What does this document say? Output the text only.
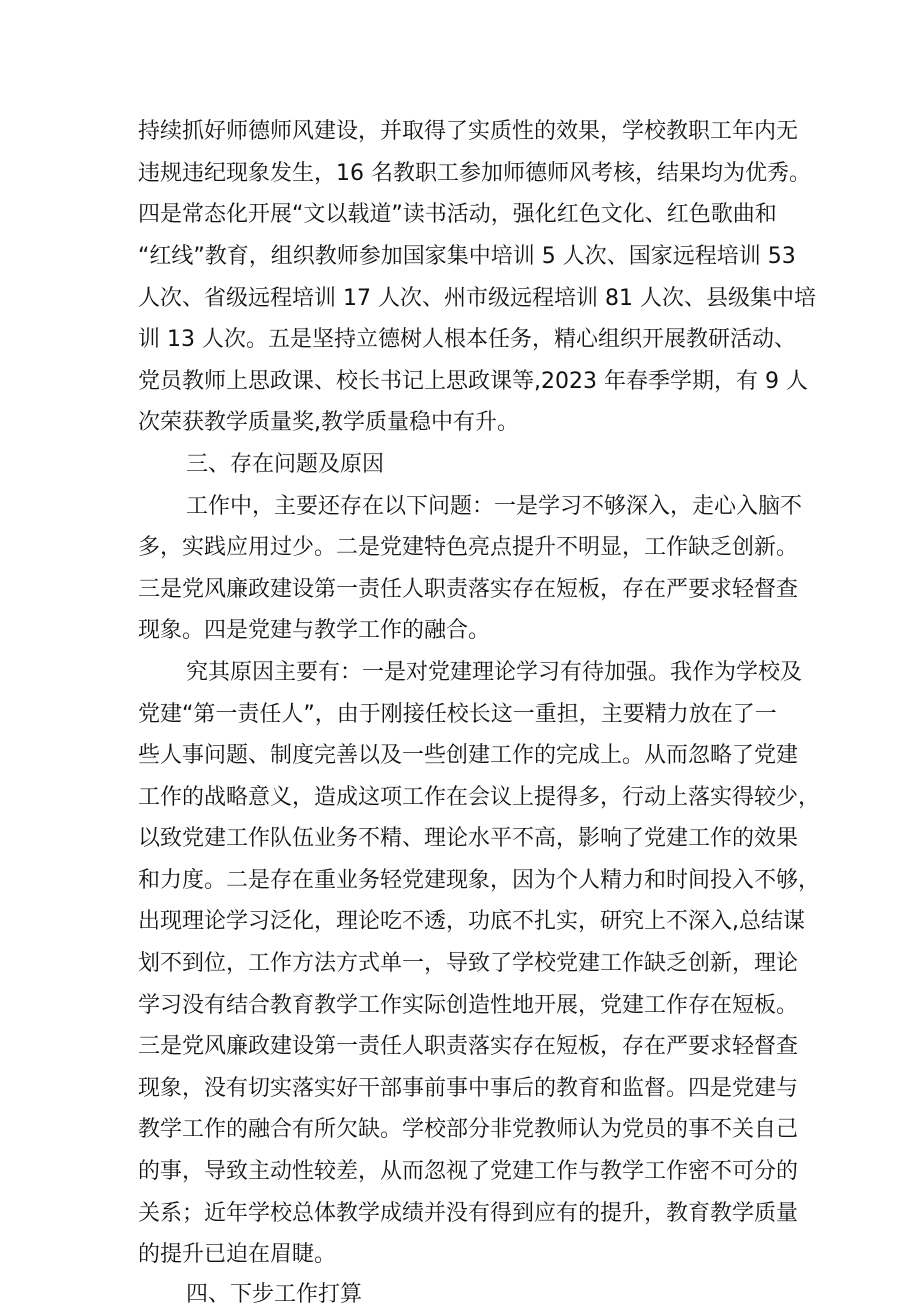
持续抓好师德师风建设，并取得了实质性的效果，学校教职工年内无
违规违纪现象发生，16 名教职工参加师德师风考核，结果均为优秀。
四是常态化开展“文以载道”读书活动，强化红色文化、红色歌曲和
“红线”教育，组织教师参加国家集中培训 5 人次、国家远程培训 53
人次、省级远程培训 17 人次、州市级远程培训 81 人次、县级集中培
训 13 人次。五是坚持立德树人根本任务，精心组织开展教研活动、
党员教师上思政课、校长书记上思政课等,2023 年春季学期，有 9 人
次荣获教学质量奖,教学质量稳中有升。
三、存在问题及原因
工作中，主要还存在以下问题：一是学习不够深入，走心入脑不
多，实践应用过少。二是党建特色亮点提升不明显，工作缺乏创新。
三是党风廉政建设第一责任人职责落实存在短板，存在严要求轻督查
现象。四是党建与教学工作的融合。
究其原因主要有：一是对党建理论学习有待加强。我作为学校及
党建“第一责任人”，由于刚接任校长这一重担，主要精力放在了一
些人事问题、制度完善以及一些创建工作的完成上。从而忽略了党建
工作的战略意义，造成这项工作在会议上提得多，行动上落实得较少，
以致党建工作队伍业务不精、理论水平不高，影响了党建工作的效果
和力度。二是存在重业务轻党建现象，因为个人精力和时间投入不够，
出现理论学习泛化，理论吃不透，功底不扎实，研究上不深入,总结谋
划不到位，工作方法方式单一，导致了学校党建工作缺乏创新，理论
学习没有结合教育教学工作实际创造性地开展，党建工作存在短板。
三是党风廉政建设第一责任人职责落实存在短板，存在严要求轻督查
现象，没有切实落实好干部事前事中事后的教育和监督。四是党建与
教学工作的融合有所欠缺。学校部分非党教师认为党员的事不关自己
的事，导致主动性较差，从而忽视了党建工作与教学工作密不可分的
关系；近年学校总体教学成绩并没有得到应有的提升，教育教学质量
的提升已迫在眉睫。
四、下步工作打算
